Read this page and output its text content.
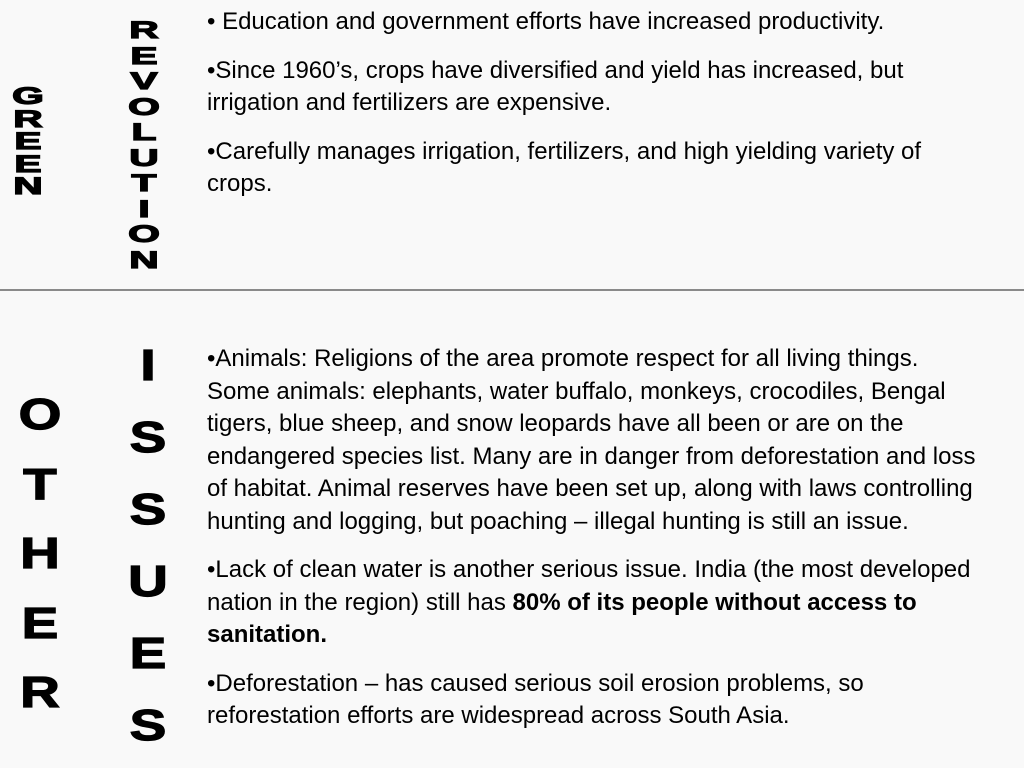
G
R
E
E
N
R
E
V
O
L
U
T
I
O
N
• Education and government efforts have increased productivity.
•Since 1960’s, crops have diversified and yield has increased, but irrigation and fertilizers are expensive.
•Carefully manages irrigation, fertilizers, and high yielding variety of crops.
O
T
H
E
R
I
S
S
U
E
S
•Animals: Religions of the area promote respect for all living things. Some animals: elephants, water buffalo, monkeys, crocodiles, Bengal tigers, blue sheep, and snow leopards have all been or are on the endangered species list. Many are in danger from deforestation and loss of habitat. Animal reserves have been set up, along with laws controlling hunting and logging, but poaching – illegal hunting is still an issue.
•Lack of clean water is another serious issue. India (the most developed nation in the region) still has 80% of its people without access to sanitation.
•Deforestation – has caused serious soil erosion problems, so reforestation efforts are widespread across South Asia.
